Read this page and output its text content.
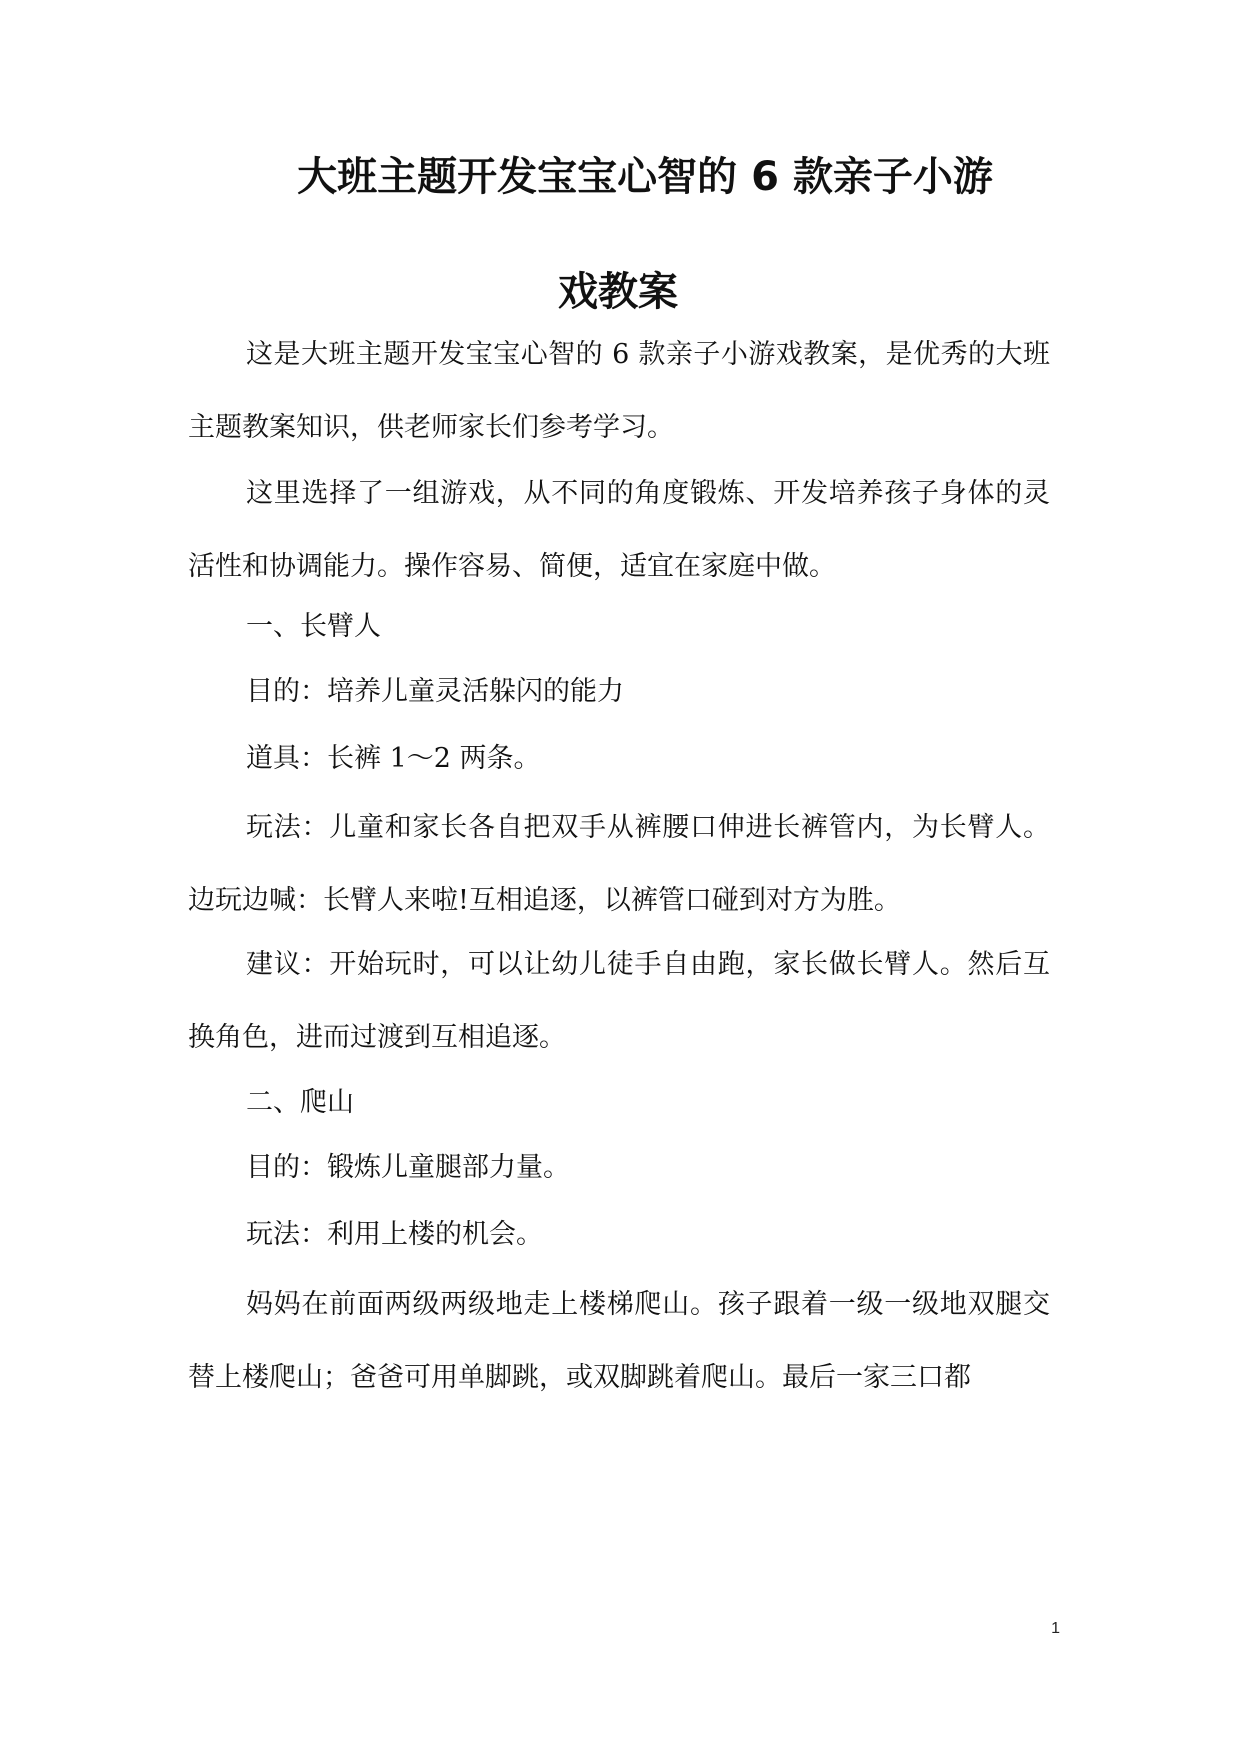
大班主题开发宝宝心智的 6 款亲子小游
戏教案

这是大班主题开发宝宝心智的 6 款亲子小游戏教案，是优秀的大班主题教案知识，供老师家长们参考学习。

这里选择了一组游戏，从不同的角度锻炼、开发培养孩子身体的灵活性和协调能力。操作容易、简便，适宜在家庭中做。

一、长臂人

目的：培养儿童灵活躲闪的能力

道具：长裤 1～2 两条。

玩法：儿童和家长各自把双手从裤腰口伸进长裤管内，为长臂人。边玩边喊：长臂人来啦!互相追逐，以裤管口碰到对方为胜。

建议：开始玩时，可以让幼儿徒手自由跑，家长做长臂人。然后互换角色，进而过渡到互相追逐。

二、爬山

目的：锻炼儿童腿部力量。

玩法：利用上楼的机会。

妈妈在前面两级两级地走上楼梯爬山。孩子跟着一级一级地双腿交替上楼爬山；爸爸可用单脚跳，或双脚跳着爬山。最后一家三口都

1
